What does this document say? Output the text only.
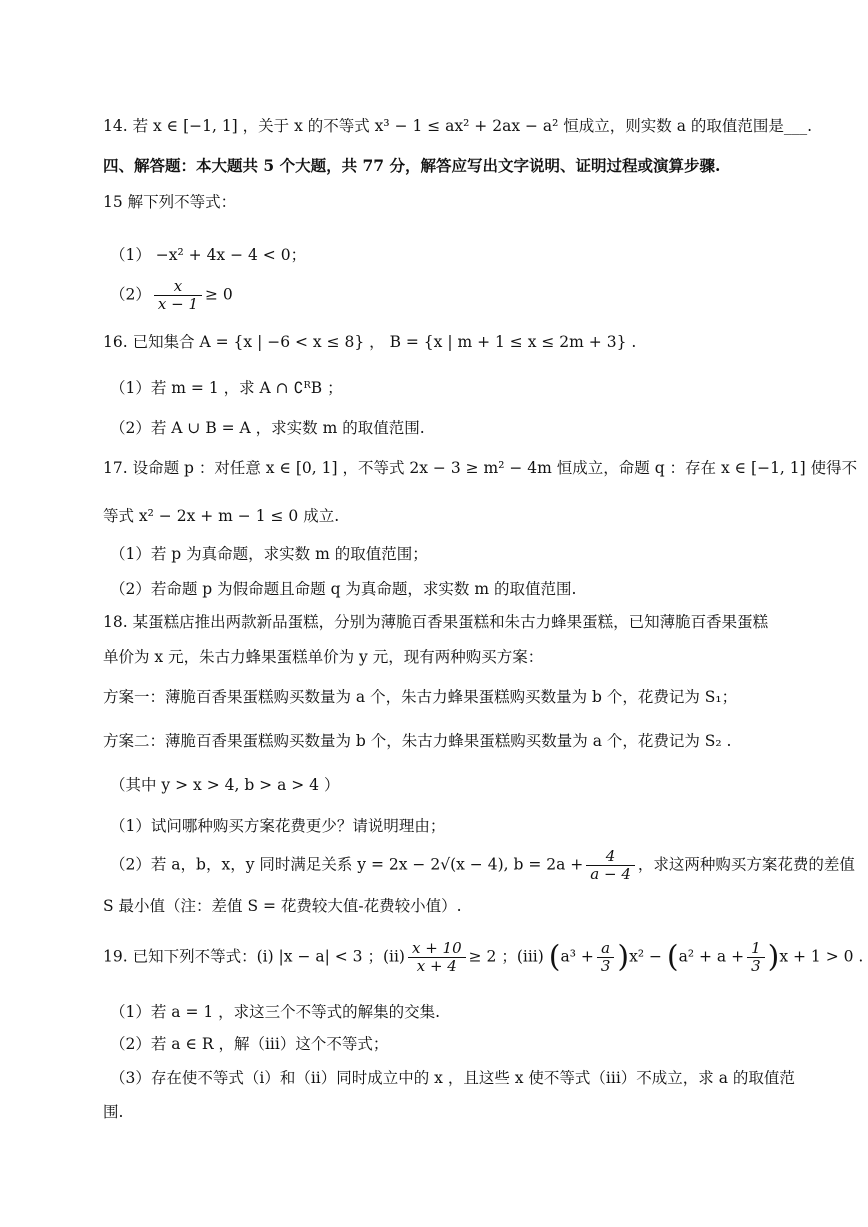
14. 若 x ∈ [−1, 1] ，关于 x 的不等式 x³ − 1 ≤ ax² + 2ax − a² 恒成立，则实数 a 的取值范围是___.
四、解答题：本大题共 5 个大题，共 77 分，解答应写出文字说明、证明过程或演算步骤.
15 解下列不等式：
（1） −x² + 4x − 4 < 0；
$(2) \frac{x}{x - 1} \ge 0$
16. 已知集合 A = {x | −6 < x ≤ 8} ， B = {x | m + 1 ≤ x ≤ 2m + 3} .
（1）若 m = 1 ，求 A ∩ ∁ᴿB ；
（2）若 A ∪ B = A ，求实数 m 的取值范围.
17. 设命题 p ：对任意 x ∈ [0, 1] ，不等式 2x − 3 ≥ m² − 4m 恒成立，命题 q ：存在 x ∈ [−1, 1] 使得不
等式 x² − 2x + m − 1 ≤ 0 成立.
（1）若 p 为真命题，求实数 m 的取值范围；
（2）若命题 p 为假命题且命题 q 为真命题，求实数 m 的取值范围.
18. 某蛋糕店推出两款新品蛋糕，分别为薄脆百香果蛋糕和朱古力蜂果蛋糕，已知薄脆百香果蛋糕
单价为 x 元，朱古力蜂果蛋糕单价为 y 元，现有两种购买方案：
方案一：薄脆百香果蛋糕购买数量为 a 个，朱古力蜂果蛋糕购买数量为 b 个，花费记为 S₁；
方案二：薄脆百香果蛋糕购买数量为 b 个，朱古力蜂果蛋糕购买数量为 a 个，花费记为 S₂ .
（其中 y > x > 4, b > a > 4 ）
（1）试问哪种购买方案花费更少？请说明理由；
（2）若 a，b，x，y 同时满足关系 y = 2x − 2√(x − 4), $b = 2a + \frac{4}{a - 4}$ ，求这两种购买方案花费的差值
S 最小值（注：差值 S = 花费较大值-花费较小值）.
19. 已知下列不等式：(i) |x − a| < 3 ；$(ii) \frac{x + 10}{x + 4} \ge 2$ ；(iii) $(a^3 + \frac{a}{3} )x^2 - (a^2 + a + \frac{1}{3} )x + 1 > 0$ .
（1）若 a = 1 ，求这三个不等式的解集的交集.
（2）若 a ∈ R ，解（iii）这个不等式；
（3）存在使不等式（i）和（ii）同时成立中的 x ，且这些 x 使不等式（iii）不成立，求 a 的取值范
围.
